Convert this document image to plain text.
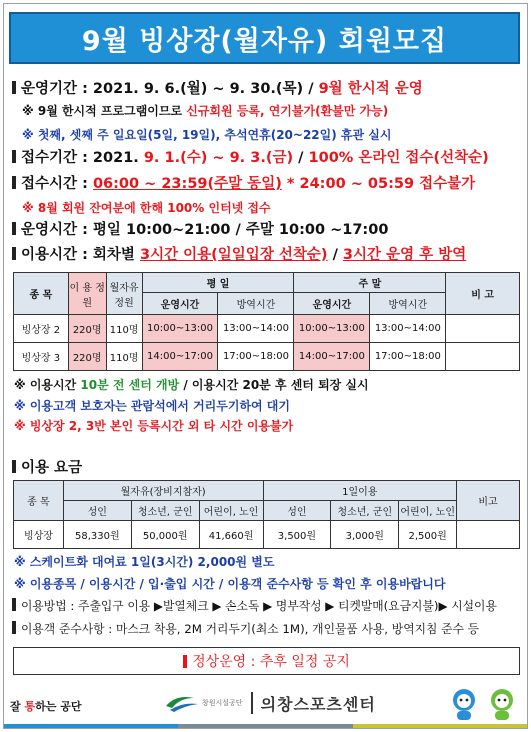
9월 빙상장(월자유) 회원모집
운영기간 : 2021. 9. 6.(월) ~ 9. 30.(목) / 9월 한시적 운영
※ 9월 한시적 프로그램이므로 신규회원 등록, 연기불가(환불만 가능)
※ 첫째, 셋째 주 일요일(5일, 19일), 추석연휴(20~22일) 휴관 실시
접수기간 : 2021. 9. 1.(수) ~ 9. 3.(금) / 100% 온라인 접수(선착순)
접수시간 : 06:00 ~ 23:59(주말 동일) * 24:00 ~ 05:59 접수불가
※ 8월 회원 잔여분에 한해 100% 인터넷 접수
운영시간 : 평일 10:00~21:00 / 주말 10:00 ~17:00
이용시간 : 회차별 3시간 이용(일일입장 선착순) / 3시간 운영 후 방역
종 목	이 용 정 원	월자유 정원	평 일		주 말		비 고
			운영시간	방역시간	운영시간	방역시간	
빙상장 2	220명	110명	10:00~13:00	13:00~14:00	10:00~13:00	13:00~14:00	
빙상장 3	220명	110명	14:00~17:00	17:00~18:00	14:00~17:00	17:00~18:00	
※ 이용시간 10분 전 센터 개방 / 이용시간 20분 후 센터 퇴장 실시
※ 이용고객 보호자는 관람석에서 거리두기하여 대기
※ 빙상장 2, 3반 본인 등록시간 외 타 시간 이용불가
이용 요금
종 목	월자유(장비지참자)			1일이용			비고
	성인	청소년, 군인	어린이, 노인	성인	청소년, 군인	어린이, 노인	
빙상장	58,330원	50,000원	41,660원	3,500원	3,000원	2,500원	
※ 스케이트화 대여료 1일(3시간) 2,000원 별도
※ 이용종목 / 이용시간 / 입·출입 시간 / 이용객 준수사항 등 확인 후 이용바랍니다
이용방법 : 주출입구 이용 ▶발열체크 ▶ 손소독 ▶ 명부작성 ▶ 티켓발매(요금지불)▶ 시설이용
이용객 준수사항 : 마스크 착용, 2M 거리두기(최소 1M), 개인물품 사용, 방역지침 준수 등
정상운영 : 추후 일정 공지
잘 통하는 공단	창원시설공단 의창스포츠센터
